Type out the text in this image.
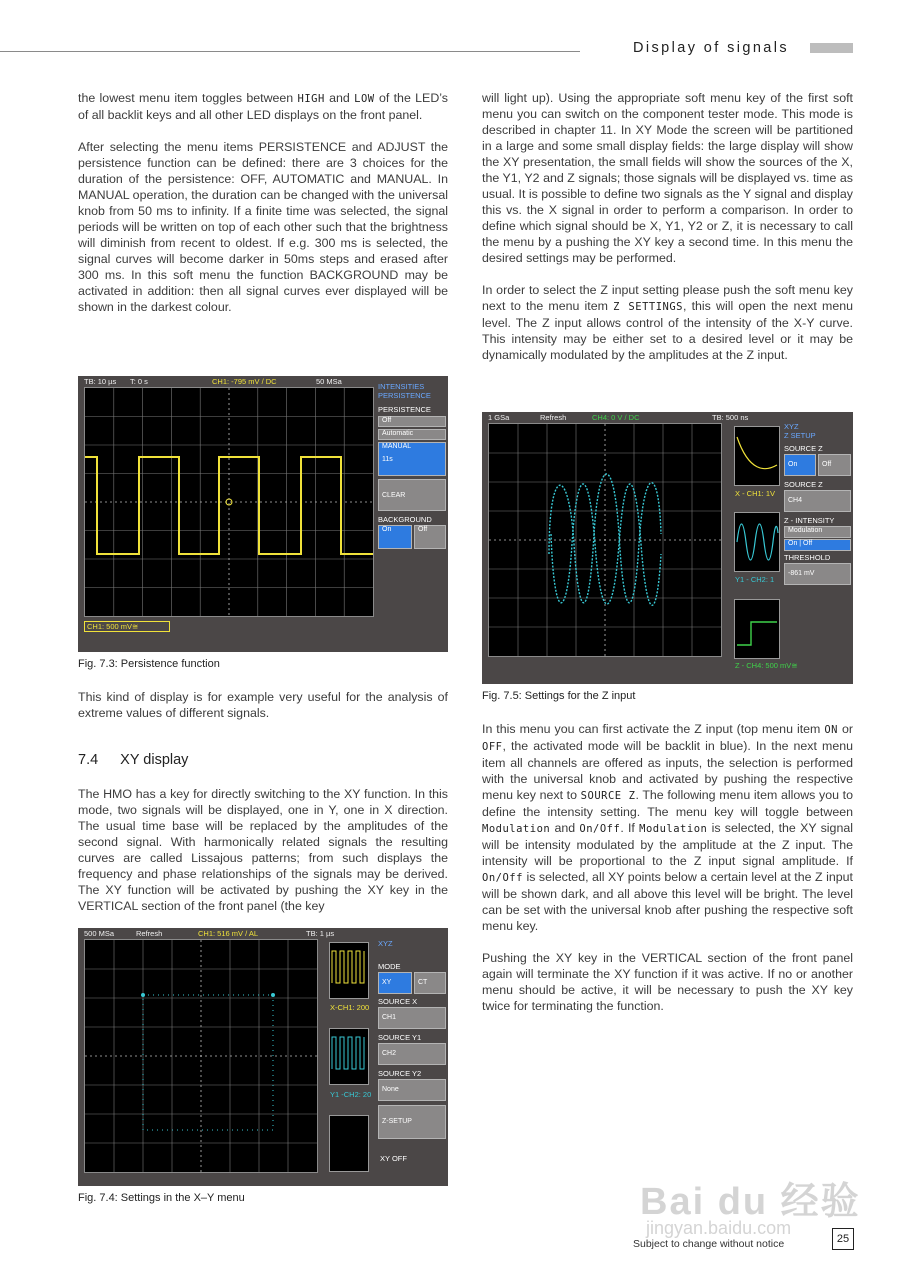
Display of signals

the lowest menu item toggles between HIGH and LOW of the LED’s of all backlit keys and all other LED displays on the front panel.

After selecting the menu items PERSISTENCE and ADJUST the persistence function can be defined: there are 3 choices for the duration of the persistence: OFF, AUTOMATIC and MANUAL. In MANUAL operation, the duration can be changed with the universal knob from 50 ms to infinity. If a finite time was selected, the signal periods will be written on top of each other such that the brightness will diminish from recent to oldest. If e.g. 300 ms is selected, the signal curves will become darker in 50ms steps and erased after 300 ms. In this soft menu the function BACKGROUND may be activated in addition: then all signal curves ever displayed will be shown in the darkest colour.

TB: 10 µs T: 0 s	CH1: -795 mV / DC	50 MSa
CH1: 500 mV≅
INTENSITIES
PERSISTENCE
PERSISTENCE
Off
Automatic
MANUAL
11s
CLEAR
BACKGROUND
On	Off
Fig. 7.3: Persistence function

This kind of display is for example very useful for the analysis of extreme values of different signals.

7.4 XY display

The HMO has a key for directly switching to the XY function. In this mode, two signals will be displayed, one in Y, one in X direction. The usual time base will be replaced by the amplitudes of the second signal. With harmonically related signals the resulting curves are called Lissajous patterns; from such displays the frequency and phase relationships of the signals may be derived. The XY function will be activated by pushing the XY key in the VERTICAL section of the front panel (the key

500 MSa	Refresh	CH1: 516 mV / AL	TB: 1 µs
X-CH1: 200
Y1 -CH2: 20
XYZ
MODE
XY	CT
SOURCE X
CH1
SOURCE Y1
CH2
SOURCE Y2
None
Z-SETUP
XY OFF
Fig. 7.4: Settings in the X–Y menu

will light up). Using the appropriate soft menu key of the first soft menu you can switch on the component tester mode. This mode is described in chapter 11. In XY Mode the screen will be partitioned in a large and some small display fields: the large display will show the XY presentation, the small fields will show the sources of the X, the Y1, Y2 and Z signals; those signals will be displayed vs. time as usual. It is possible to define two signals as the Y signal and display this vs. the X signal in order to perform a comparison. In order to define which signal should be X, Y1, Y2 or Z, it is necessary to call the menu by a pushing the XY key a second time. In this menu the desired settings may be performed.

In order to select the Z input setting please push the soft menu key next to the menu item Z SETTINGS, this will open the next menu level. The Z input allows control of the intensity of the X-Y curve. This intensity may be either set to a desired level or it may be dynamically modulated by the amplitudes at the Z input.

1 GSa	Refresh	CH4: 0 V / DC	TB: 500 ns
X - CH1: 1V
Y1 - CH2: 1
Z - CH4: 500 mV≅
XYZ
Z SETUP
SOURCE Z
On	Off
SOURCE Z
CH4
Z - INTENSITY
Modulation
On | Off
THRESHOLD
-861 mV
Fig. 7.5: Settings for the Z input

In this menu you can first activate the Z input (top menu item ON or OFF, the activated mode will be backlit in blue). In the next menu item all channels are offered as inputs, the selection is performed with the universal knob and activated by pushing the respective menu key next to SOURCE Z. The following menu item allows you to define the intensity setting. The menu key will toggle between Modulation and On/Off. If Modulation is selected, the XY signal will be intensity modulated by the amplitude at the Z input. The intensity will be proportional to the Z input signal amplitude. If On/Off is selected, all XY points below a certain level at the Z input will be shown dark, and all above this level will be bright. The level can be set with the universal knob after pushing the respective soft menu key.

Pushing the XY key in the VERTICAL section of the front panel again will terminate the XY function if it was active. If no or another menu should be active, it will be necessary to push the XY key twice for terminating the function.

Bai du 经验
jingyan.baidu.com
Subject to change without notice	25
